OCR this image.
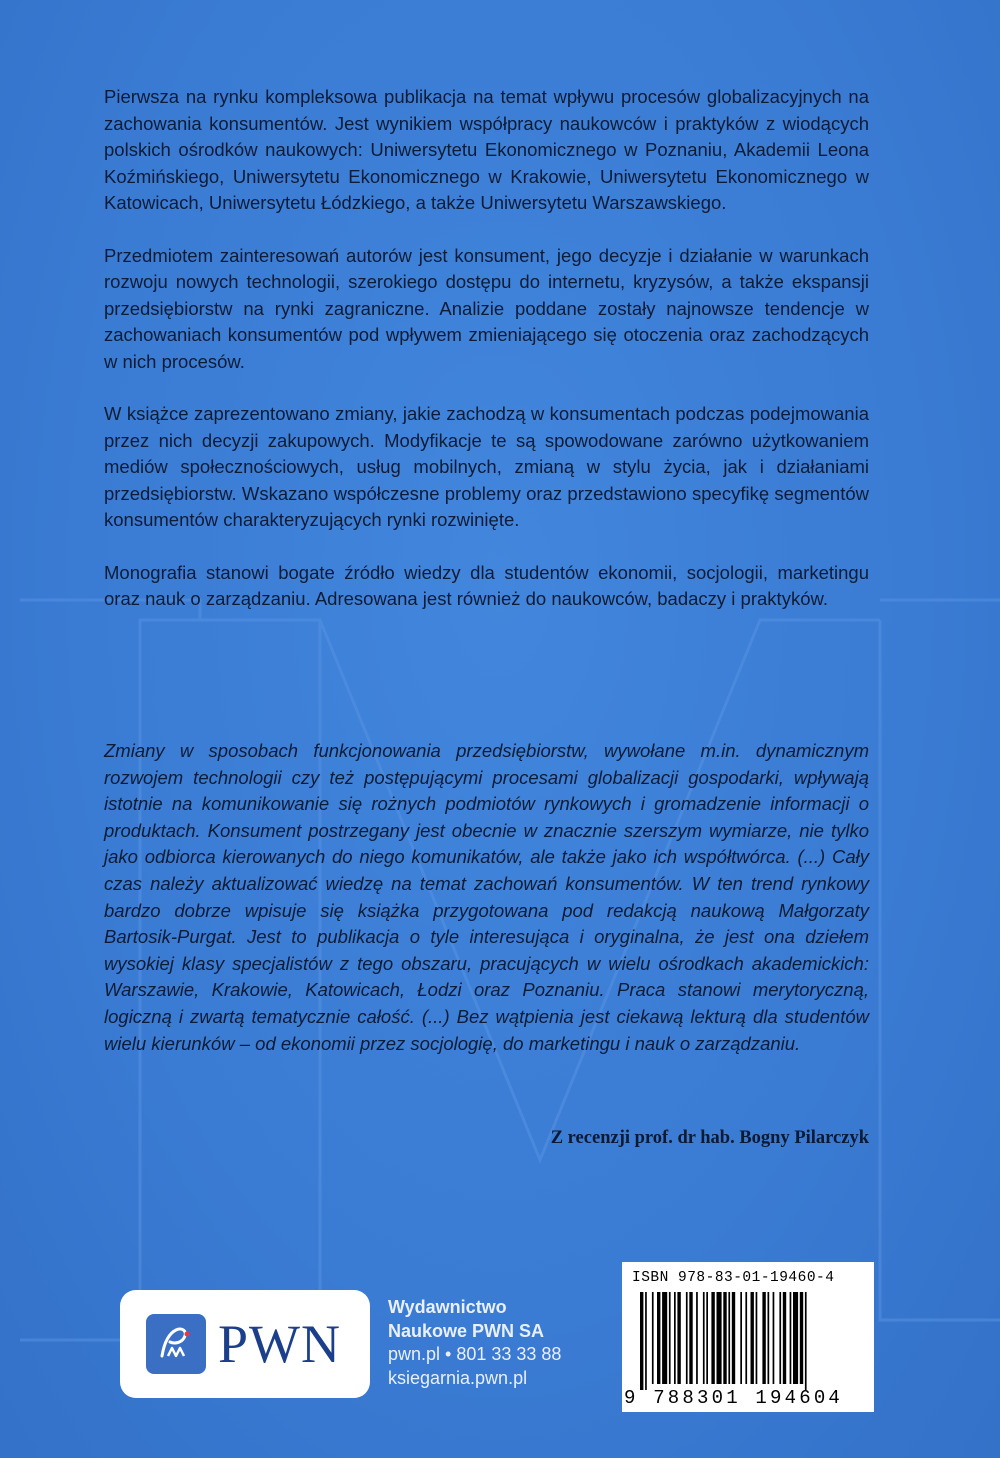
Pierwsza na rynku kompleksowa publikacja na temat wpływu procesów globalizacyjnych na zachowania konsumentów. Jest wynikiem współpracy naukowców i praktyków z wiodących polskich ośrodków naukowych: Uniwersytetu Ekonomicznego w Poznaniu, Akademii Leona Koźmińskiego, Uniwersytetu Ekonomicznego w Krakowie, Uniwersytetu Ekonomicznego w Katowicach, Uniwersytetu Łódzkiego, a także Uniwersytetu Warszawskiego.

Przedmiotem zainteresowań autorów jest konsument, jego decyzje i działanie w warunkach rozwoju nowych technologii, szerokiego dostępu do internetu, kryzysów, a także ekspansji przedsiębiorstw na rynki zagraniczne. Analizie poddane zostały najnowsze tendencje w zachowaniach konsumentów pod wpływem zmieniającego się otoczenia oraz zachodzących w nich procesów.

W książce zaprezentowano zmiany, jakie zachodzą w konsumentach podczas podejmowania przez nich decyzji zakupowych. Modyfikacje te są spowodowane zarówno użytkowaniem mediów społecznościowych, usług mobilnych, zmianą w stylu życia, jak i działaniami przedsiębiorstw. Wskazano współczesne problemy oraz przedstawiono specyfikę segmentów konsumentów charakteryzujących rynki rozwinięte.

Monografia stanowi bogate źródło wiedzy dla studentów ekonomii, socjologii, marketingu oraz nauk o zarządzaniu. Adresowana jest również do naukowców, badaczy i praktyków.

Zmiany w sposobach funkcjonowania przedsiębiorstw, wywołane m.in. dynamicznym rozwojem technologii czy też postępującymi procesami globalizacji gospodarki, wpływają istotnie na komunikowanie się rożnych podmiotów rynkowych i gromadzenie informacji o produktach. Konsument postrzegany jest obecnie w znacznie szerszym wymiarze, nie tylko jako odbiorca kierowanych do niego komunikatów, ale także jako ich współtwórca. (...) Cały czas należy aktualizować wiedzę na temat zachowań konsumentów. W ten trend rynkowy bardzo dobrze wpisuje się książka przygotowana pod redakcją naukową Małgorzaty Bartosik-Purgat. Jest to publikacja o tyle interesująca i oryginalna, że jest ona dziełem wysokiej klasy specjalistów z tego obszaru, pracujących w wielu ośrodkach akademickich: Warszawie, Krakowie, Katowicach, Łodzi oraz Poznaniu. Praca stanowi merytoryczną, logiczną i zwartą tematycznie całość. (...) Bez wątpienia jest ciekawą lekturą dla studentów wielu kierunków – od ekonomii przez socjologię, do marketingu i nauk o zarządzaniu.

Z recenzji prof. dr hab. Bogny Pilarczyk
PWN
Wydawnictwo
Naukowe PWN SA
pwn.pl • 801 33 33 88
ksiegarnia.pwn.pl
ISBN 978-83-01-19460-4
9 788301 194604
